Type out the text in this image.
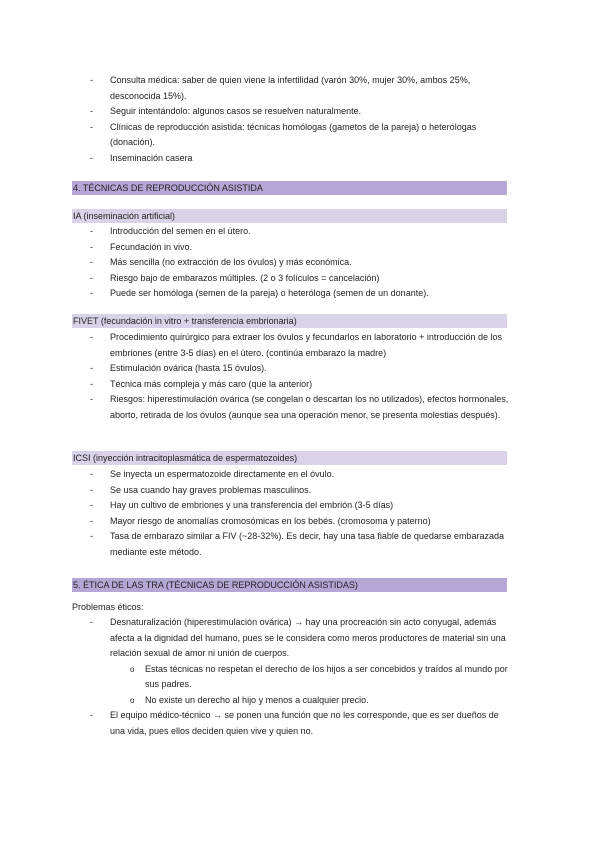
- Consulta médica: saber de quien viene la infertilidad (varón 30%, mujer 30%, ambos 25%, desconocida 15%).
- Seguir intentándolo: algunos casos se resuelven naturalmente.
- Clínicas de reproducción asistida: técnicas homólogas (gametos de la pareja) o heterólogas (donación).
- Inseminación casera
4. TÉCNICAS DE REPRODUCCIÓN ASISTIDA
IA (inseminación artificial)
- Introducción del semen en el útero.
- Fecundación in vivo.
- Más sencilla (no extracción de los óvulos) y más económica.
- Riesgo bajo de embarazos múltiples. (2 o 3 folículos = cancelación)
- Puede ser homóloga (semen de la pareja) o heteróloga (semen de un donante).
FIVET (fecundación in vitro + transferencia embrionaria)
- Procedimiento quirúrgico para extraer los óvulos y fecundarlos en laboratorio + introducción de los embriones (entre 3-5 días) en el útero. (continúa embarazo la madre)
- Estimulación ovárica (hasta 15 óvulos).
- Técnica más compleja y más caro (que la anterior)
- Riesgos: hiperestimulación ovárica (se congelan o descartan los no utilizados), efectos hormonales, aborto, retirada de los óvulos (aunque sea una operación menor, se presenta molestias después).
ICSI (inyección intracitoplasmática de espermatozoides)
- Se inyecta un espermatozoide directamente en el óvulo.
- Se usa cuando hay graves problemas masculinos.
- Hay un cultivo de embriones y una transferencia del embrión (3-5 días)
- Mayor riesgo de anomalías cromosómicas en los bebés. (cromosoma y paterno)
- Tasa de embarazo similar a FIV (~28-32%). Es decir, hay una tasa fiable de quedarse embarazada mediante este método.
5. ÉTICA DE LAS TRA (TÉCNICAS DE REPRODUCCIÓN ASISTIDAS)
Problemas éticos:
- Desnaturalización (hiperestimulación ovárica) → hay una procreación sin acto conyugal, además afecta a la dignidad del humano, pues se le considera como meros productores de material sin una relación sexual de amor ni unión de cuerpos.
o Estas técnicas no respetan el derecho de los hijos a ser concebidos y traídos al mundo por sus padres.
o No existe un derecho al hijo y menos a cualquier precio.
- El equipo médico-técnico → se ponen una función que no les corresponde, que es ser dueños de una vida, pues ellos deciden quien vive y quien no.
